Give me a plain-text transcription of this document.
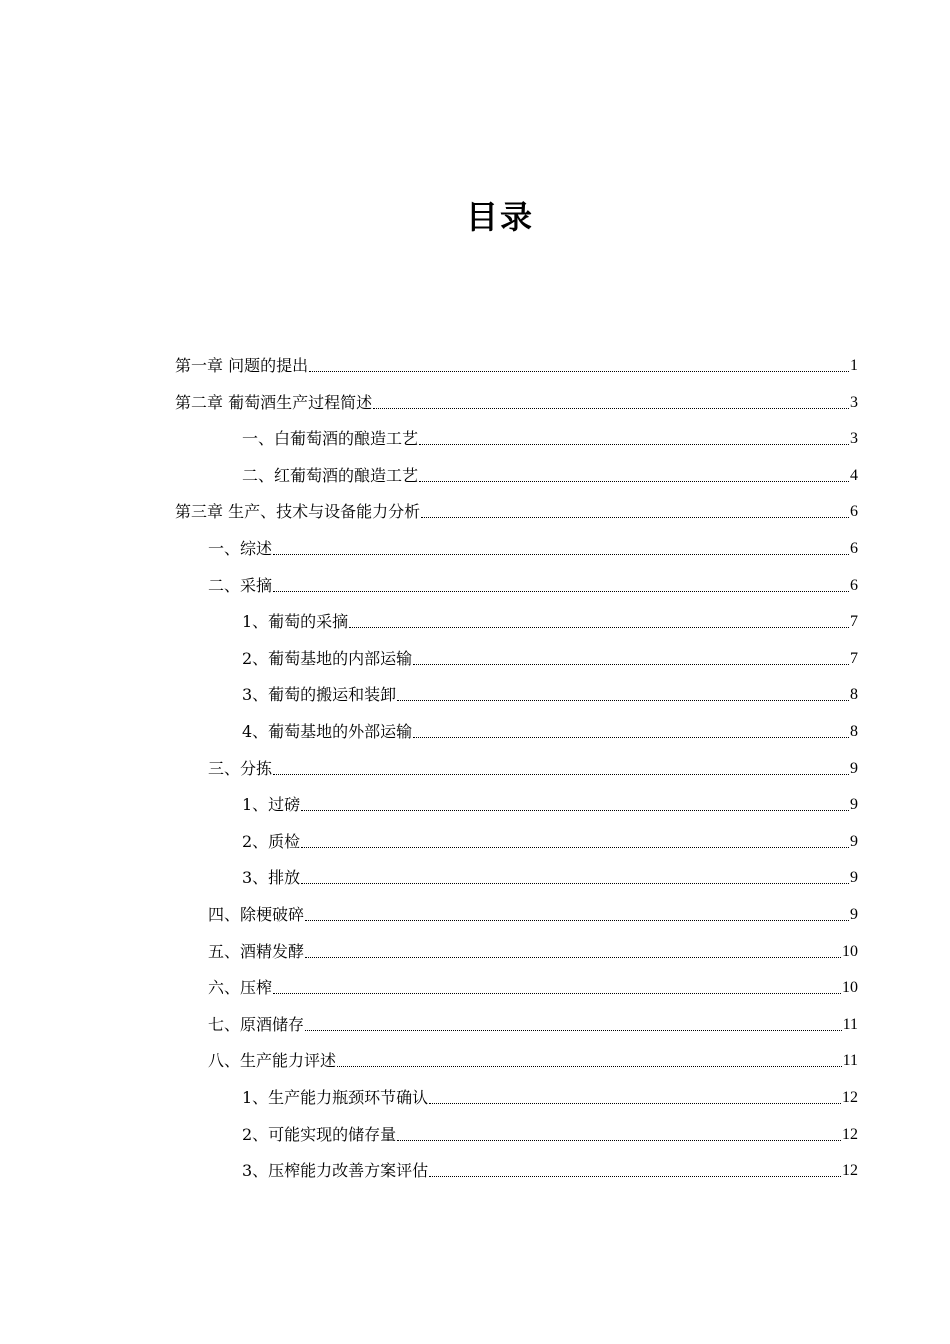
目录
第一章 问题的提出	1
第二章 葡萄酒生产过程简述	3
一、白葡萄酒的酿造工艺	3
二、红葡萄酒的酿造工艺	4
第三章 生产、技术与设备能力分析	6
一、综述	6
二、采摘	6
1、葡萄的采摘	7
2、葡萄基地的内部运输	7
3、葡萄的搬运和装卸	8
4、葡萄基地的外部运输	8
三、分拣	9
1、过磅	9
2、质检	9
3、排放	9
四、除梗破碎	9
五、酒精发酵	10
六、压榨	10
七、原酒储存	11
八、生产能力评述	11
1、生产能力瓶颈环节确认	12
2、可能实现的储存量	12
3、压榨能力改善方案评估	12
